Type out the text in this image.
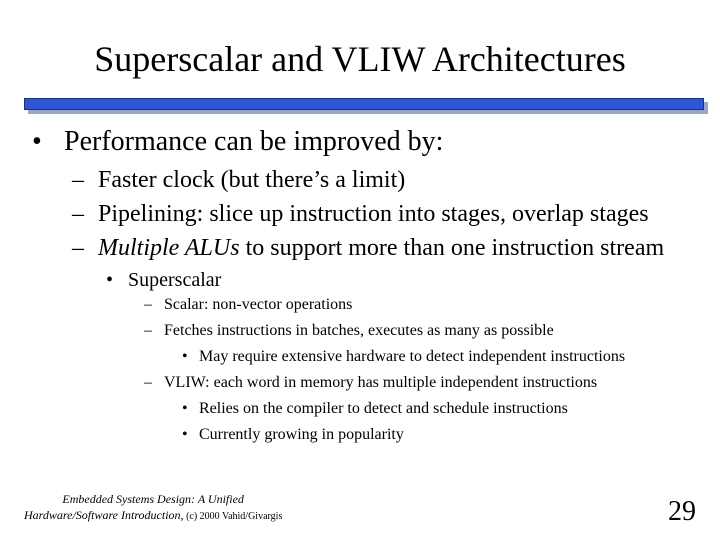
Superscalar and VLIW Architectures
• Performance can be improved by:
– Faster clock (but there’s a limit)
– Pipelining: slice up instruction into stages, overlap stages
– Multiple ALUs to support more than one instruction stream
• Superscalar
– Scalar: non-vector operations
– Fetches instructions in batches, executes as many as possible
• May require extensive hardware to detect independent instructions
– VLIW: each word in memory has multiple independent instructions
• Relies on the compiler to detect and schedule instructions
• Currently growing in popularity
Embedded Systems Design: A Unified
Hardware/Software Introduction, (c) 2000 Vahid/Givargis	29
